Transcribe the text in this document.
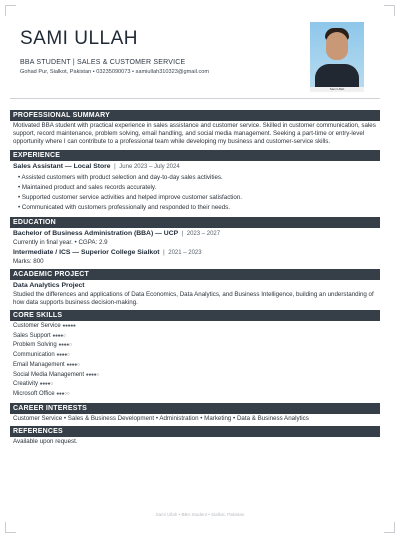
SAMI ULLAH
BBA STUDENT | SALES & CUSTOMER SERVICE
Gohad Pur, Sialkot, Pakistan • 03235090073 • samiullah310323@gmail.com
Sami Ullah
PROFESSIONAL SUMMARY
Motivated BBA student with practical experience in sales assistance and customer service. Skilled in customer communication, sales support, record maintenance, problem solving, email handling, and social media management. Seeking a part-time or entry-level opportunity where I can contribute to a professional team while developing my business and customer-service skills.
EXPERIENCE
Sales Assistant — Local Store  |  June 2023 – July 2024
• Assisted customers with product selection and day-to-day sales activities.
• Maintained product and sales records accurately.
• Supported customer service activities and helped improve customer satisfaction.
• Communicated with customers professionally and responded to their needs.
EDUCATION
Bachelor of Business Administration (BBA) — UCP  |  2023 – 2027
Currently in final year. • CGPA: 2.9
Intermediate / ICS — Superior College Sialkot  |  2021 – 2023
Marks: 800
ACADEMIC PROJECT
Data Analytics Project
Studied the differences and applications of Data Economics, Data Analytics, and Business Intelligence, building an understanding of how data supports business decision-making.
CORE SKILLS
Customer Service ●●●●●
Sales Support ●●●●○
Problem Solving ●●●●○
Communication ●●●●○
Email Management ●●●●○
Social Media Management ●●●●○
Creativity ●●●●○
Microsoft Office ●●●○○
CAREER INTERESTS
Customer Service • Sales & Business Development • Administration • Marketing • Data & Business Analytics
REFERENCES
Available upon request.
Sami Ullah • BBA Student • Sialkot, Pakistan
